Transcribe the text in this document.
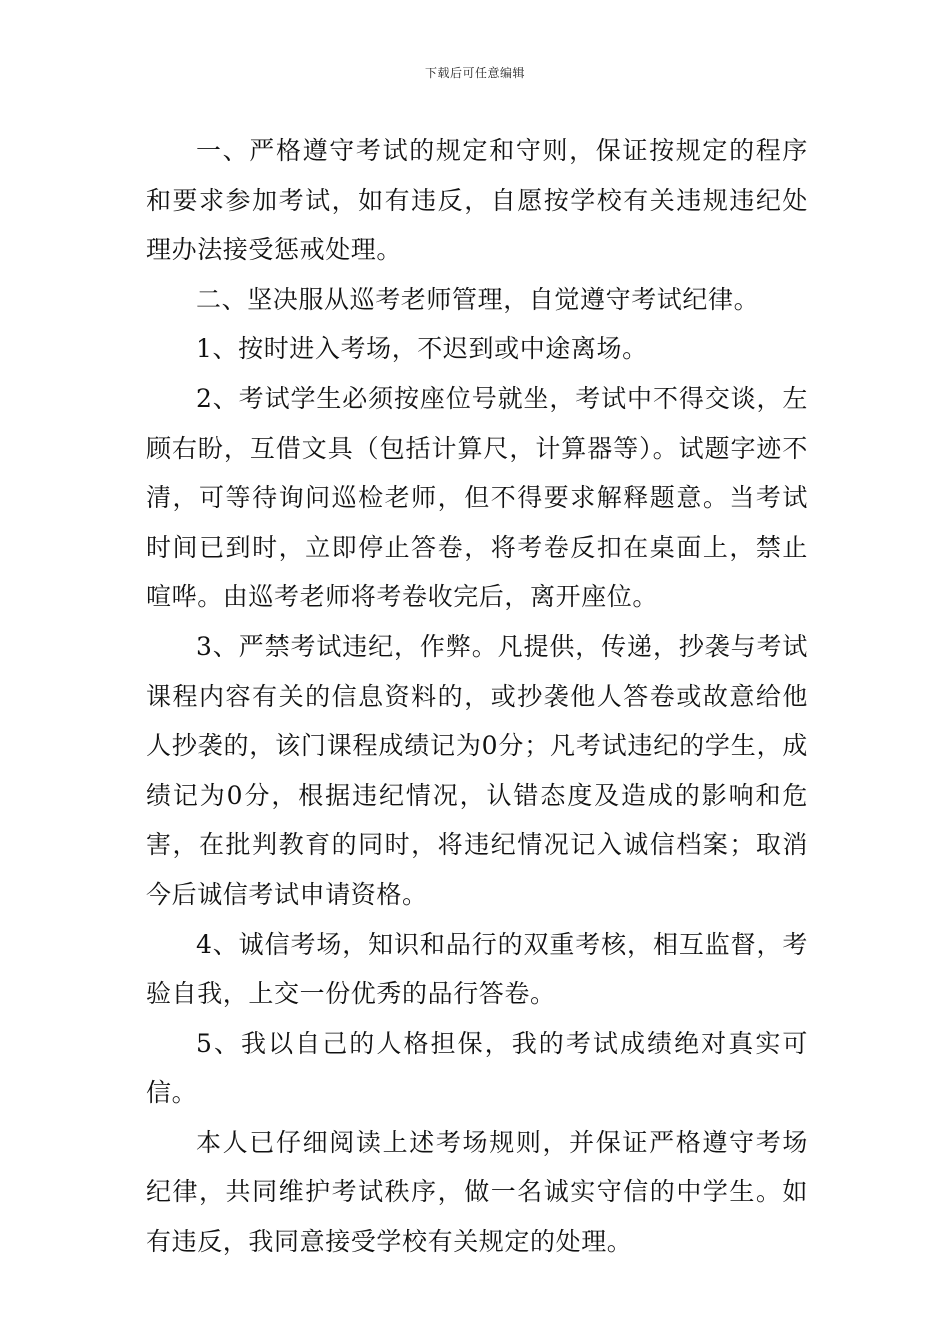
下载后可任意编辑

一、严格遵守考试的规定和守则，保证按规定的程序和要求参加考试，如有违反，自愿按学校有关违规违纪处理办法接受惩戒处理。

二、坚决服从巡考老师管理，自觉遵守考试纪律。

1、按时进入考场，不迟到或中途离场。

2、考试学生必须按座位号就坐，考试中不得交谈，左顾右盼，互借文具（包括计算尺，计算器等）。试题字迹不清，可等待询问巡检老师，但不得要求解释题意。当考试时间已到时，立即停止答卷，将考卷反扣在桌面上，禁止喧哗。由巡考老师将考卷收完后，离开座位。

3、严禁考试违纪，作弊。凡提供，传递，抄袭与考试课程内容有关的信息资料的，或抄袭他人答卷或故意给他人抄袭的，该门课程成绩记为0分；凡考试违纪的学生，成绩记为0分，根据违纪情况，认错态度及造成的影响和危害，在批判教育的同时，将违纪情况记入诚信档案；取消今后诚信考试申请资格。

4、诚信考场，知识和品行的双重考核，相互监督，考验自我，上交一份优秀的品行答卷。

5、我以自己的人格担保，我的考试成绩绝对真实可信。

本人已仔细阅读上述考场规则，并保证严格遵守考场纪律，共同维护考试秩序，做一名诚实守信的中学生。如有违反，我同意接受学校有关规定的处理。
